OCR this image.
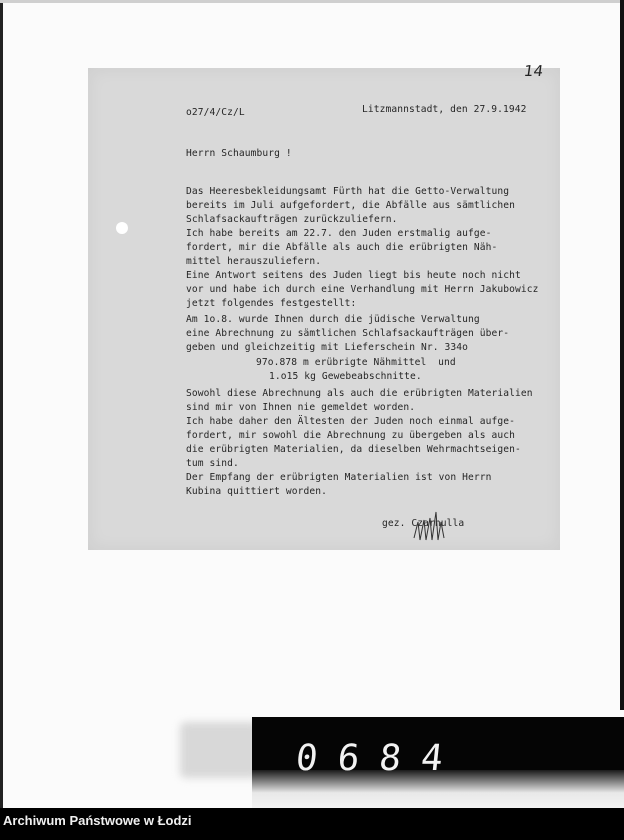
14
o27/4/Cz/L	Litzmannstadt, den 27.9.1942
Herrn Schaumburg !
Das Heeresbekleidungsamt Fürth hat die Getto-Verwaltung
bereits im Juli aufgefordert, die Abfälle aus sämtlichen
Schlafsackaufträgen zurückzuliefern.
Ich habe bereits am 22.7. den Juden erstmalig aufge-
fordert, mir die Abfälle als auch die erübrigten Näh-
mittel herauszuliefern.
Eine Antwort seitens des Juden liegt bis heute noch nicht
vor und habe ich durch eine Verhandlung mit Herrn Jakubowicz
jetzt folgendes festgestellt:
Am 1o.8. wurde Ihnen durch die jüdische Verwaltung
eine Abrechnung zu sämtlichen Schlafsackaufträgen über-
geben und gleichzeitig mit Lieferschein Nr. 334o
97o.878 m erübrigte Nähmittel  und
1.o15 kg Gewebeabschnitte.
Sowohl diese Abrechnung als auch die erübrigten Materialien
sind mir von Ihnen nie gemeldet worden.
Ich habe daher den Ältesten der Juden noch einmal aufge-
fordert, mir sowohl die Abrechnung zu übergeben als auch
die erübrigten Materialien, da dieselben Wehrmachtseigen-
tum sind.
Der Empfang der erübrigten Materialien ist von Herrn
Kubina quittiert worden.
gez. Czarnulla
0684
Archiwum Państwowe w Łodzi
